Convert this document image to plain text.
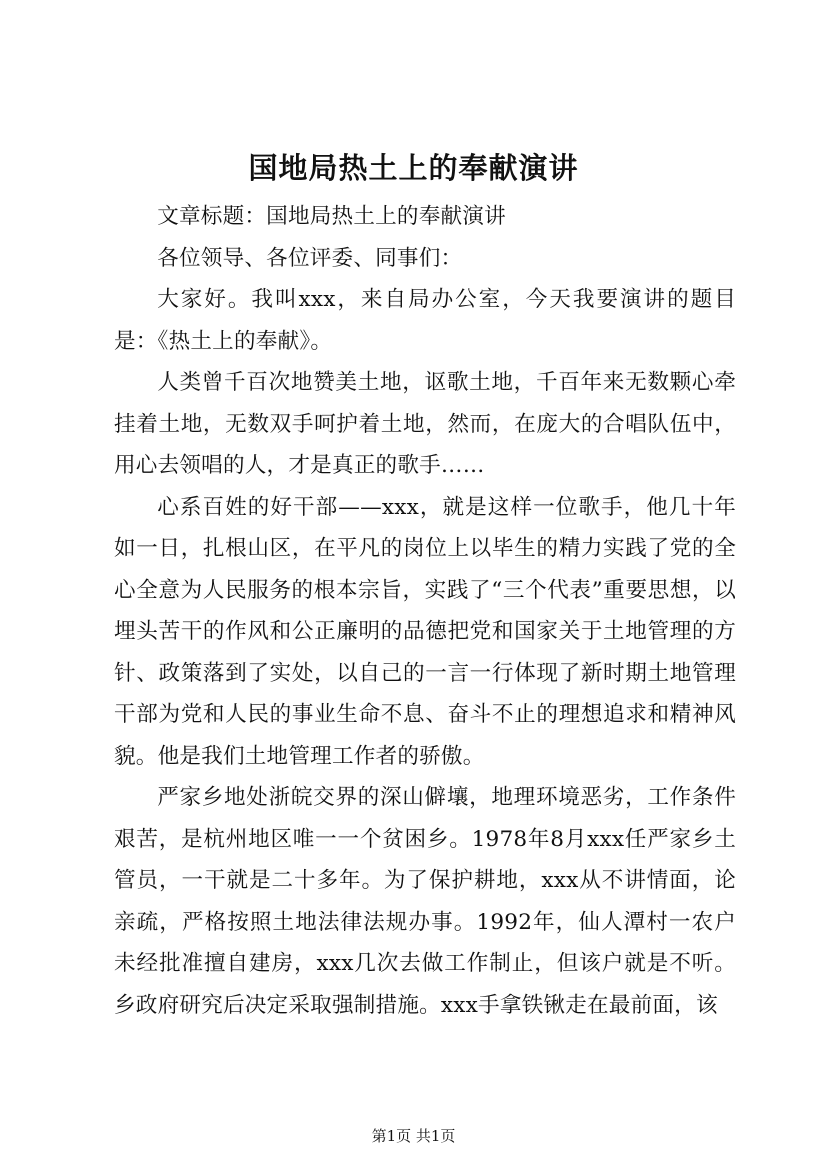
国地局热土上的奉献演讲

文章标题：国地局热土上的奉献演讲

各位领导、各位评委、同事们：

大家好。我叫xxx，来自局办公室，今天我要演讲的题目是：《热土上的奉献》。

人类曾千百次地赞美土地，讴歌土地，千百年来无数颗心牵挂着土地，无数双手呵护着土地，然而，在庞大的合唱队伍中，用心去领唱的人，才是真正的歌手……

心系百姓的好干部——xxx，就是这样一位歌手，他几十年如一日，扎根山区，在平凡的岗位上以毕生的精力实践了党的全心全意为人民服务的根本宗旨，实践了“三个代表”重要思想，以埋头苦干的作风和公正廉明的品德把党和国家关于土地管理的方针、政策落到了实处，以自己的一言一行体现了新时期土地管理干部为党和人民的事业生命不息、奋斗不止的理想追求和精神风貌。他是我们土地管理工作者的骄傲。

严家乡地处浙皖交界的深山僻壤，地理环境恶劣，工作条件艰苦，是杭州地区唯一一个贫困乡。1978年8月xxx任严家乡土管员，一干就是二十多年。为了保护耕地，xxx从不讲情面，论亲疏，严格按照土地法律法规办事。1992年，仙人潭村一农户未经批准擅自建房，xxx几次去做工作制止，但该户就是不听。乡政府研究后决定采取强制措施。xxx手拿铁锹走在最前面，该

第1页 共1页
